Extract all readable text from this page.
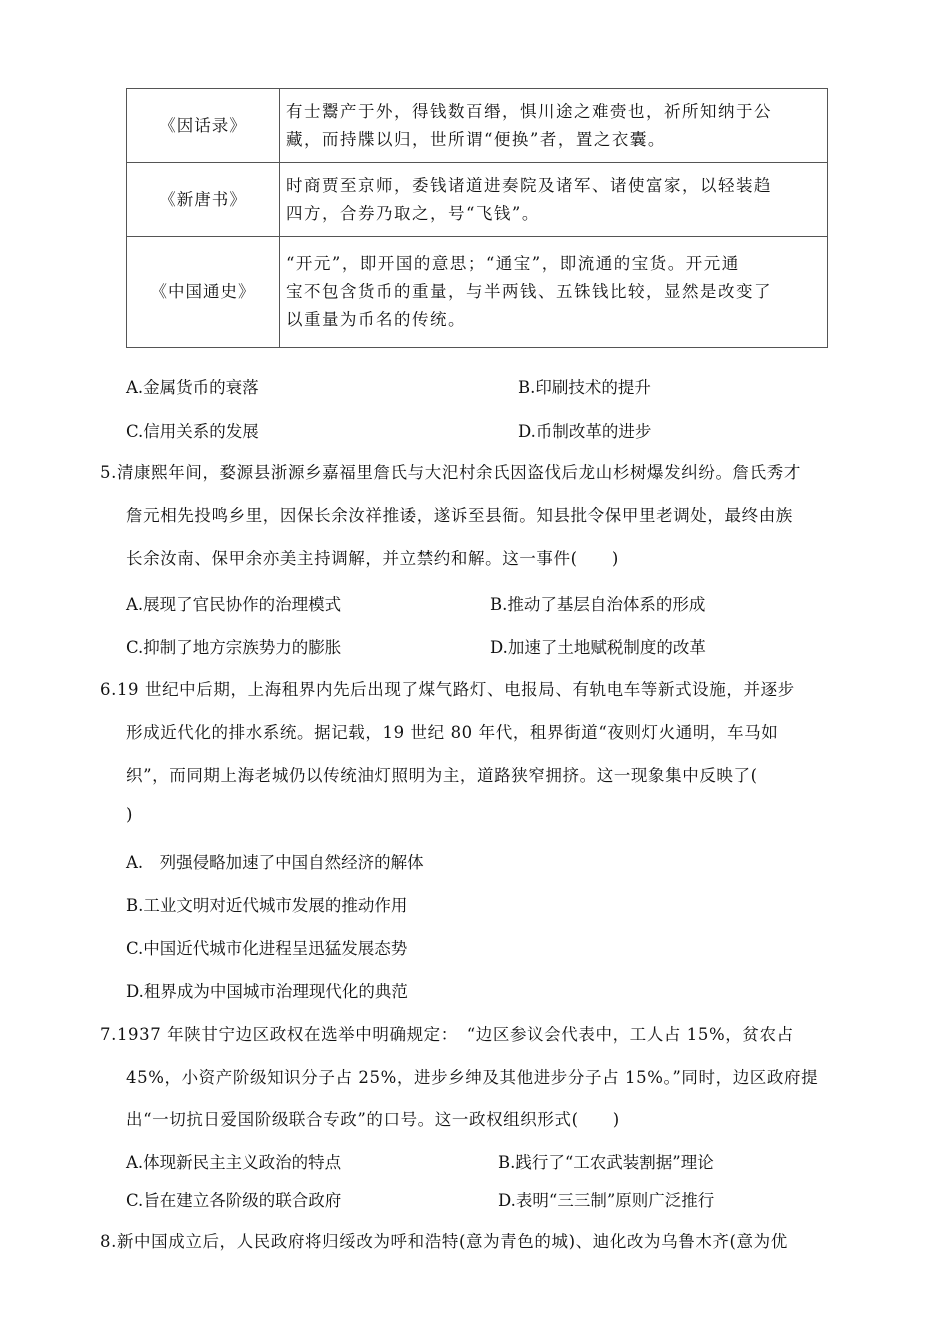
《因话录》	有士鬻产于外，得钱数百缗，惧川途之难赍也，祈所知纳于公
藏，而持牒以归，世所谓“便换”者，置之衣囊。

《新唐书》	时商贾至京师，委钱诸道进奏院及诸军、诸使富家，以轻装趋
四方，合券乃取之，号“飞钱”。

《中国通史》	“开元”，即开国的意思；“通宝”，即流通的宝货。开元通
宝不包含货币的重量，与半两钱、五铢钱比较，显然是改变了
以重量为币名的传统。
A.金属货币的衰落	B.印刷技术的提升
C.信用关系的发展	D.币制改革的进步
5.清康熙年间，婺源县浙源乡嘉福里詹氏与大汜村余氏因盗伐后龙山杉树爆发纠纷。詹氏秀才
詹元相先投鸣乡里，因保长余汝祥推诿，遂诉至县衙。知县批令保甲里老调处，最终由族
长余汝南、保甲余亦美主持调解，并立禁约和解。这一事件(　　)
A.展现了官民协作的治理模式	B.推动了基层自治体系的形成
C.抑制了地方宗族势力的膨胀	D.加速了土地赋税制度的改革
6.19 世纪中后期，上海租界内先后出现了煤气路灯、电报局、有轨电车等新式设施，并逐步
形成近代化的排水系统。据记载，19 世纪 80 年代，租界街道“夜则灯火通明，车马如
织”，而同期上海老城仍以传统油灯照明为主，道路狭窄拥挤。这一现象集中反映了(
)
A.　列强侵略加速了中国自然经济的解体
B.工业文明对近代城市发展的推动作用
C.中国近代城市化进程呈迅猛发展态势
D.租界成为中国城市治理现代化的典范
7.1937 年陕甘宁边区政权在选举中明确规定：　“边区参议会代表中，工人占 15%，贫农占
45%，小资产阶级知识分子占 25%，进步乡绅及其他进步分子占 15%。”同时，边区政府提
出“一切抗日爱国阶级联合专政”的口号。这一政权组织形式(　　)
A.体现新民主主义政治的特点	B.践行了“工农武装割据”理论
C.旨在建立各阶级的联合政府	D.表明“三三制”原则广泛推行
8.新中国成立后，人民政府将归绥改为呼和浩特(意为青色的城)、迪化改为乌鲁木齐(意为优
